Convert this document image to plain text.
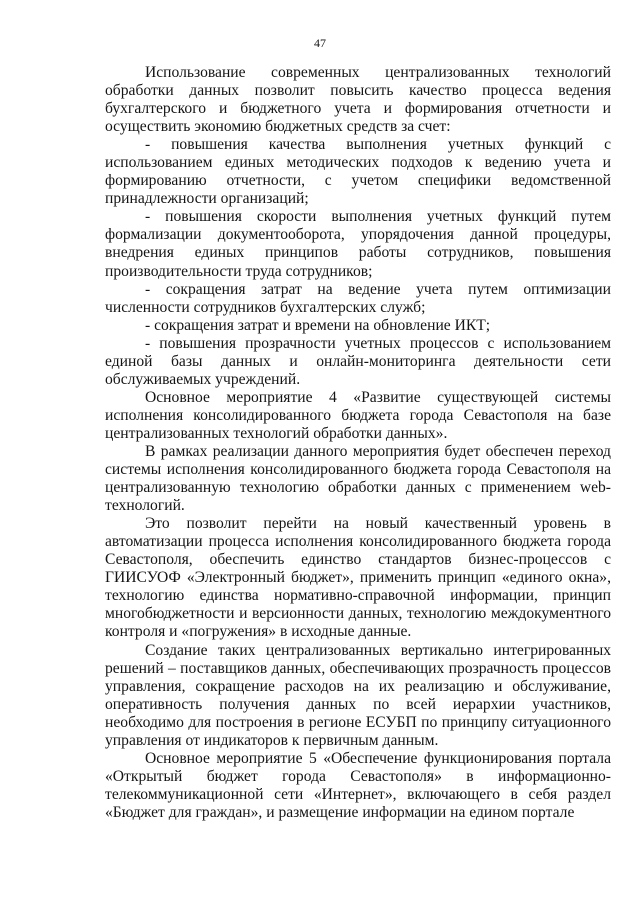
47

Использование современных централизованных технологий обработки данных позволит повысить качество процесса ведения бухгалтерского и бюджетного учета и формирования отчетности и осуществить экономию бюджетных средств за счет:

- повышения качества выполнения учетных функций с использованием единых методических подходов к ведению учета и формированию отчетности, с учетом специфики ведомственной принадлежности организаций;

- повышения скорости выполнения учетных функций путем формализации документооборота, упорядочения данной процедуры, внедрения единых принципов работы сотрудников, повышения производительности труда сотрудников;

- сокращения затрат на ведение учета путем оптимизации численности сотрудников бухгалтерских служб;

- сокращения затрат и времени на обновление ИКТ;

- повышения прозрачности учетных процессов с использованием единой базы данных и онлайн-мониторинга деятельности сети обслуживаемых учреждений.

Основное мероприятие 4 «Развитие существующей системы исполнения консолидированного бюджета города Севастополя на базе централизованных технологий обработки данных».

В рамках реализации данного мероприятия будет обеспечен переход системы исполнения консолидированного бюджета города Севастополя на централизованную технологию обработки данных с применением web-технологий.

Это позволит перейти на новый качественный уровень в автоматизации процесса исполнения консолидированного бюджета города Севастополя, обеспечить единство стандартов бизнес-процессов с ГИИСУОФ «Электронный бюджет», применить принцип «единого окна», технологию единства нормативно-справочной информации, принцип многобюджетности и версионности данных, технологию междокументного контроля и «погружения» в исходные данные.

Создание таких централизованных вертикально интегрированных решений – поставщиков данных, обеспечивающих прозрачность процессов управления, сокращение расходов на их реализацию и обслуживание, оперативность получения данных по всей иерархии участников, необходимо для построения в регионе ЕСУБП по принципу ситуационного управления от индикаторов к первичным данным.

Основное мероприятие 5 «Обеспечение функционирования портала «Открытый бюджет города Севастополя» в информационно-телекоммуникационной сети «Интернет», включающего в себя раздел «Бюджет для граждан», и размещение информации на едином портале
